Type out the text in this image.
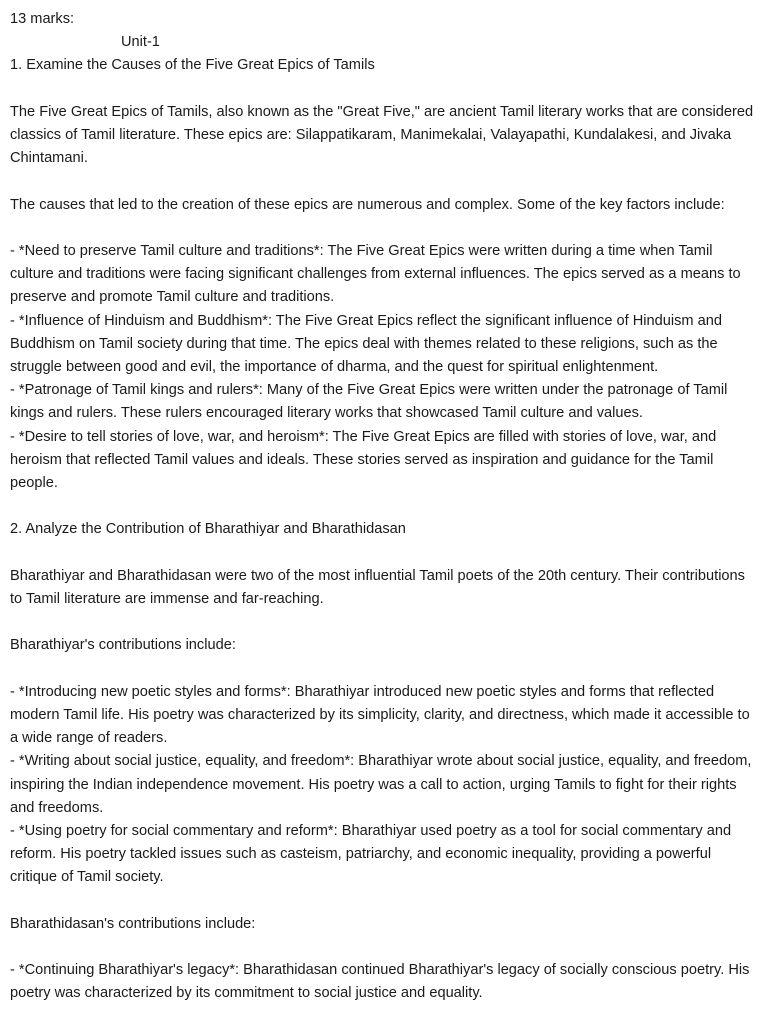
13 marks:

Unit-1

1. Examine the Causes of the Five Great Epics of Tamils

The Five Great Epics of Tamils, also known as the "Great Five," are ancient Tamil literary works that are considered classics of Tamil literature. These epics are: Silappatikaram, Manimekalai, Valayapathi, Kundalakesi, and Jivaka Chintamani.

The causes that led to the creation of these epics are numerous and complex. Some of the key factors include:

- *Need to preserve Tamil culture and traditions*: The Five Great Epics were written during a time when Tamil culture and traditions were facing significant challenges from external influences. The epics served as a means to preserve and promote Tamil culture and traditions.

- *Influence of Hinduism and Buddhism*: The Five Great Epics reflect the significant influence of Hinduism and Buddhism on Tamil society during that time. The epics deal with themes related to these religions, such as the struggle between good and evil, the importance of dharma, and the quest for spiritual enlightenment.

- *Patronage of Tamil kings and rulers*: Many of the Five Great Epics were written under the patronage of Tamil kings and rulers. These rulers encouraged literary works that showcased Tamil culture and values.

- *Desire to tell stories of love, war, and heroism*: The Five Great Epics are filled with stories of love, war, and heroism that reflected Tamil values and ideals. These stories served as inspiration and guidance for the Tamil people.

2. Analyze the Contribution of Bharathiyar and Bharathidasan

Bharathiyar and Bharathidasan were two of the most influential Tamil poets of the 20th century. Their contributions to Tamil literature are immense and far-reaching.

Bharathiyar's contributions include:

- *Introducing new poetic styles and forms*: Bharathiyar introduced new poetic styles and forms that reflected modern Tamil life. His poetry was characterized by its simplicity, clarity, and directness, which made it accessible to a wide range of readers.

- *Writing about social justice, equality, and freedom*: Bharathiyar wrote about social justice, equality, and freedom, inspiring the Indian independence movement. His poetry was a call to action, urging Tamils to fight for their rights and freedoms.

- *Using poetry for social commentary and reform*: Bharathiyar used poetry as a tool for social commentary and reform. His poetry tackled issues such as casteism, patriarchy, and economic inequality, providing a powerful critique of Tamil society.

Bharathidasan's contributions include:

- *Continuing Bharathiyar's legacy*: Bharathidasan continued Bharathiyar's legacy of socially conscious poetry. His poetry was characterized by its commitment to social justice and equality.
